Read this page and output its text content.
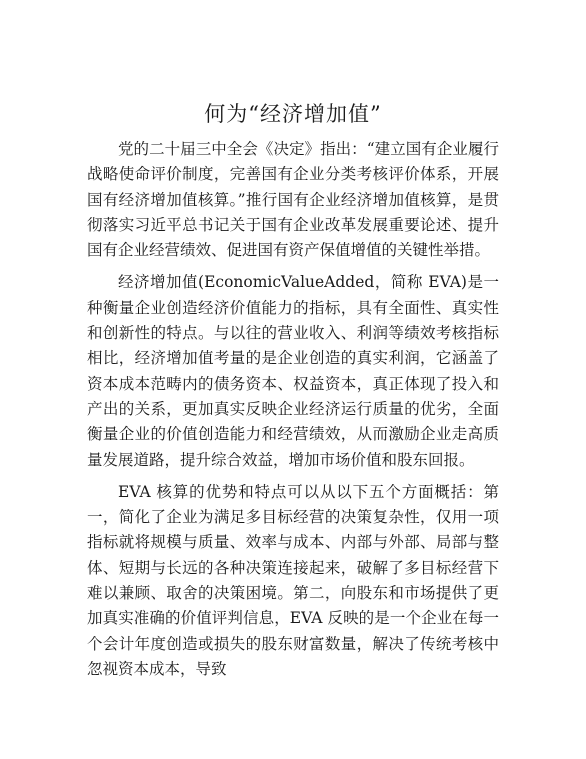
何为“经济增加值”

党的二十届三中全会《决定》指出：“建立国有企业履行战略使命评价制度，完善国有企业分类考核评价体系，开展国有经济增加值核算。”推行国有企业经济增加值核算，是贯彻落实习近平总书记关于国有企业改革发展重要论述、提升国有企业经营绩效、促进国有资产保值增值的关键性举措。

经济增加值(EconomicValueAdded，简称 EVA)是一种衡量企业创造经济价值能力的指标，具有全面性、真实性和创新性的特点。与以往的营业收入、利润等绩效考核指标相比，经济增加值考量的是企业创造的真实利润，它涵盖了资本成本范畴内的债务资本、权益资本，真正体现了投入和产出的关系，更加真实反映企业经济运行质量的优劣，全面衡量企业的价值创造能力和经营绩效，从而激励企业走高质量发展道路，提升综合效益，增加市场价值和股东回报。

EVA 核算的优势和特点可以从以下五个方面概括：第一，简化了企业为满足多目标经营的决策复杂性，仅用一项指标就将规模与质量、效率与成本、内部与外部、局部与整体、短期与长远的各种决策连接起来，破解了多目标经营下难以兼顾、取舍的决策困境。第二，向股东和市场提供了更加真实准确的价值评判信息，EVA 反映的是一个企业在每一个会计年度创造或损失的股东财富数量，解决了传统考核中忽视资本成本，导致
